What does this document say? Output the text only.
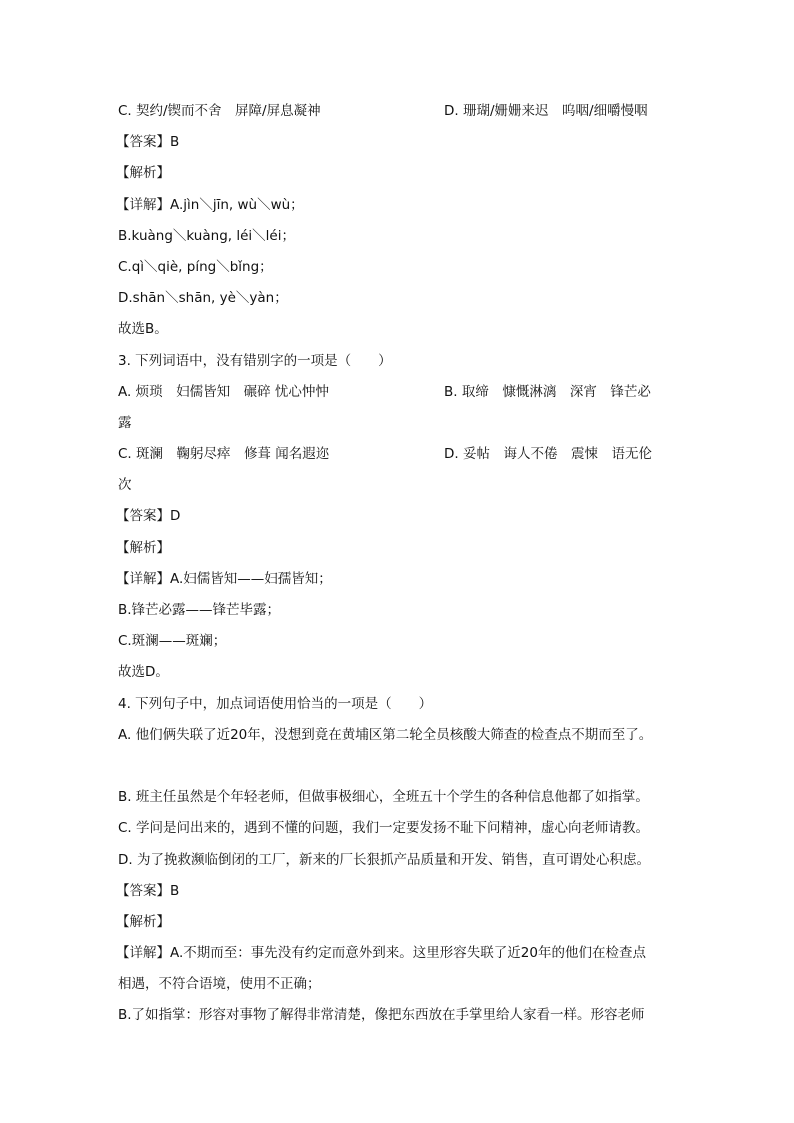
C. 契约/锲而不舍　屏障/屏息凝神	D. 珊瑚/姗姗来迟　呜咽/细嚼慢咽
【答案】B
【解析】
【详解】A.jìn＼jīn, wù＼wù；
B.kuàng＼kuàng, léi＼léi；
C.qì＼qiè, píng＼bǐng；
D.shān＼shān, yè＼yàn；
故选B。
3. 下列词语中，没有错别字的一项是（　　）
A. 烦琐　妇儒皆知　碾碎 忧心忡忡	B. 取缔　慷慨淋漓　深宵　锋芒必
露
C. 斑澜　鞠躬尽瘁　修葺 闻名遐迩	D. 妥帖　诲人不倦　震悚　语无伦
次
【答案】D
【解析】
【详解】A.妇儒皆知——妇孺皆知；
B.锋芒必露——锋芒毕露；
C.斑澜——斑斓；
故选D。
4. 下列句子中，加点词语使用恰当的一项是（　　）
A. 他们俩失联了近20年，没想到竟在黄埔区第二轮全员核酸大筛查的检查点不期而至了。
B. 班主任虽然是个年轻老师，但做事极细心，全班五十个学生的各种信息他都了如指掌。
C. 学问是问出来的，遇到不懂的问题，我们一定要发扬不耻下问精神，虚心向老师请教。
D. 为了挽救濒临倒闭的工厂，新来的厂长狠抓产品质量和开发、销售，直可谓处心积虑。
【答案】B
【解析】
【详解】A.不期而至：事先没有约定而意外到来。这里形容失联了近20年的他们在检查点
相遇，不符合语境，使用不正确；
B.了如指掌：形容对事物了解得非常清楚，像把东西放在手掌里给人家看一样。形容老师
